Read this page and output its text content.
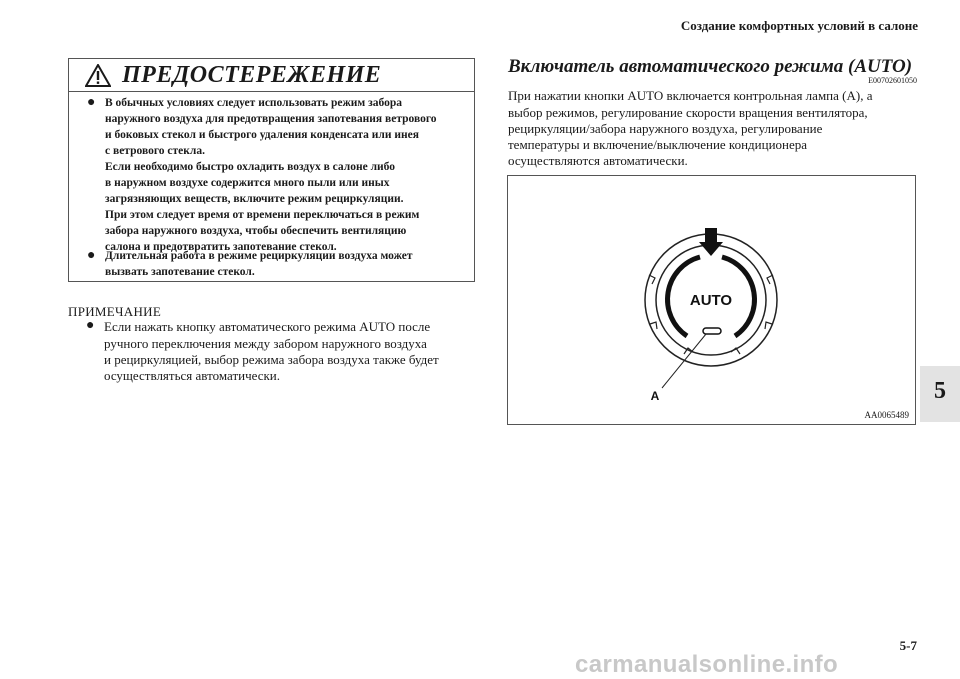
Создание комфортных условий в салоне
ПРЕДОСТЕРЕЖЕНИЕ
● В обычных условиях следует использовать режим забора
наружного воздуха для предотвращения запотевания ветрового
и боковых стекол и быстрого удаления конденсата или инея
с ветрового стекла.
Если необходимо быстро охладить воздух в салоне либо
в наружном воздухе содержится много пыли или иных
загрязняющих веществ, включите режим рециркуляции.
При этом следует время от времени переключаться в режим
забора наружного воздуха, чтобы обеспечить вентиляцию
салона и предотвратить запотевание стекол.
● Длительная работа в режиме рециркуляции воздуха может
вызвать запотевание стекол.
ПРИМЕЧАНИЕ
● Если нажать кнопку автоматического режима AUTO после
ручного переключения между забором наружного воздуха
и рециркуляцией, выбор режима забора воздуха также будет
осуществляться автоматически.
Включатель автоматического режима (AUTO)
E00702601050
При нажатии кнопки AUTO включается контрольная лампа (A), а
выбор режимов, регулирование скорости вращения вентилятора,
рециркуляции/забора наружного воздуха, регулирование
температуры и включение/выключение кондиционера
осуществляются автоматически.
AUTO
A
AA0065489
5
5-7
carmanualsonline.info
